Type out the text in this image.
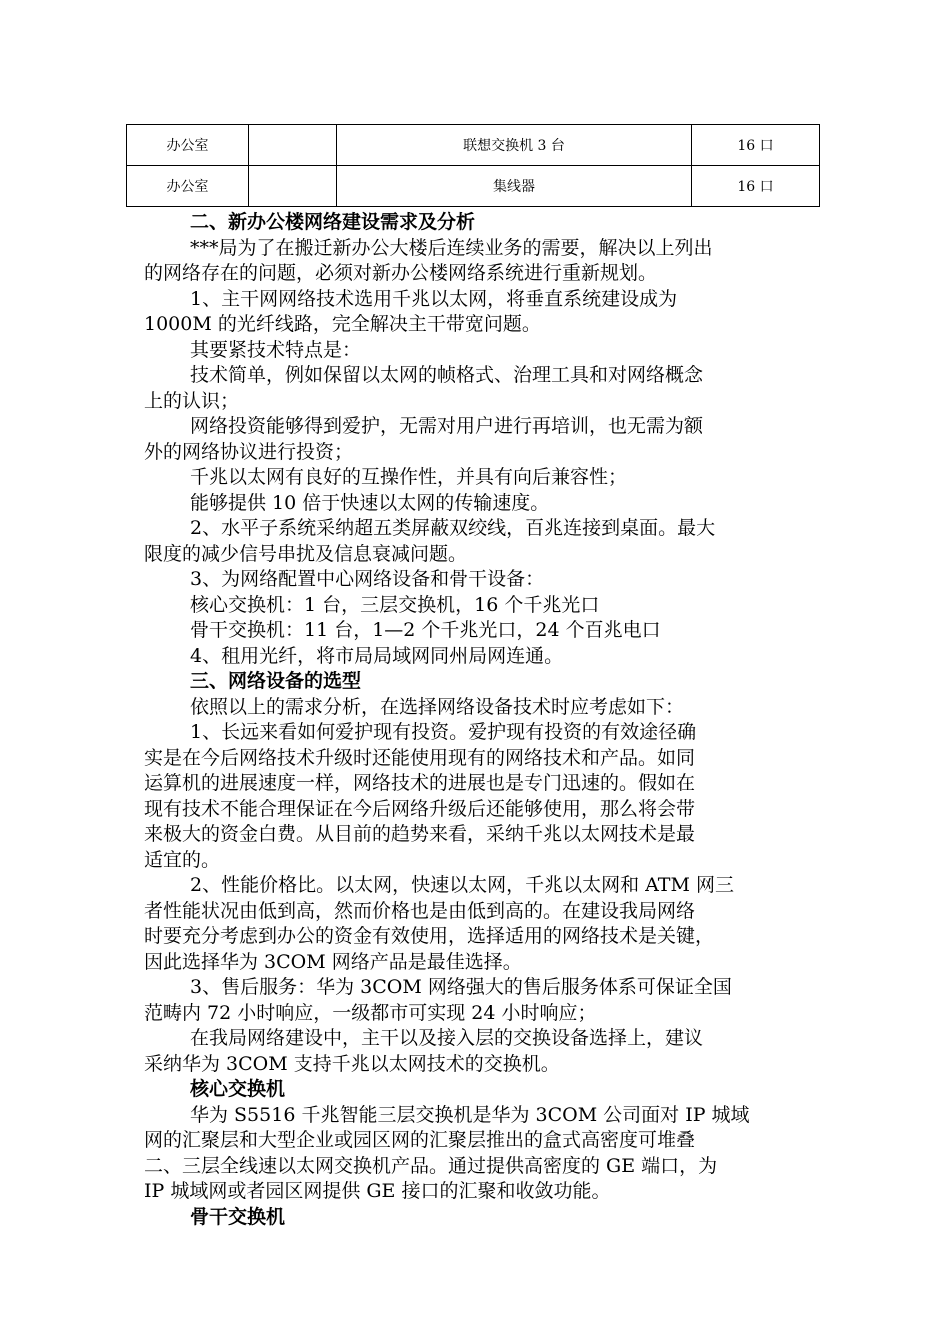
办公室		联想交换机 3 台	16 口
办公室		集线器	16 口

二、新办公楼网络建设需求及分析

***局为了在搬迁新办公大楼后连续业务的需要，解决以上列出

的网络存在的问题，必须对新办公楼网络系统进行重新规划。

1、主干网网络技术选用千兆以太网，将垂直系统建设成为

1000M 的光纤线路，完全解决主干带宽问题。

其要紧技术特点是：

技术简单，例如保留以太网的帧格式、治理工具和对网络概念

上的认识；

网络投资能够得到爱护，无需对用户进行再培训，也无需为额

外的网络协议进行投资；

千兆以太网有良好的互操作性，并具有向后兼容性；

能够提供 10 倍于快速以太网的传输速度。

2、水平子系统采纳超五类屏蔽双绞线，百兆连接到桌面。最大

限度的减少信号串扰及信息衰减问题。

3、为网络配置中心网络设备和骨干设备：

核心交换机：1 台，三层交换机，16 个千兆光口

骨干交换机：11 台，1—2 个千兆光口，24 个百兆电口

4、租用光纤，将市局局域网同州局网连通。

三、网络设备的选型

依照以上的需求分析，在选择网络设备技术时应考虑如下：

1、长远来看如何爱护现有投资。爱护现有投资的有效途径确

实是在今后网络技术升级时还能使用现有的网络技术和产品。如同

运算机的进展速度一样，网络技术的进展也是专门迅速的。假如在

现有技术不能合理保证在今后网络升级后还能够使用，那么将会带

来极大的资金白费。从目前的趋势来看，采纳千兆以太网技术是最

适宜的。

2、性能价格比。以太网，快速以太网，千兆以太网和 ATM 网三

者性能状况由低到高，然而价格也是由低到高的。在建设我局网络

时要充分考虑到办公的资金有效使用，选择适用的网络技术是关键，

因此选择华为 3COM 网络产品是最佳选择。

3、售后服务：华为 3COM 网络强大的售后服务体系可保证全国

范畴内 72 小时响应，一级都市可实现 24 小时响应；

在我局网络建设中，主干以及接入层的交换设备选择上，建议

采纳华为 3COM 支持千兆以太网技术的交换机。

核心交换机

华为 S5516 千兆智能三层交换机是华为 3COM 公司面对 IP 城域

网的汇聚层和大型企业或园区网的汇聚层推出的盒式高密度可堆叠

二、三层全线速以太网交换机产品。通过提供高密度的 GE 端口，为

IP 城域网或者园区网提供 GE 接口的汇聚和收敛功能。

骨干交换机
